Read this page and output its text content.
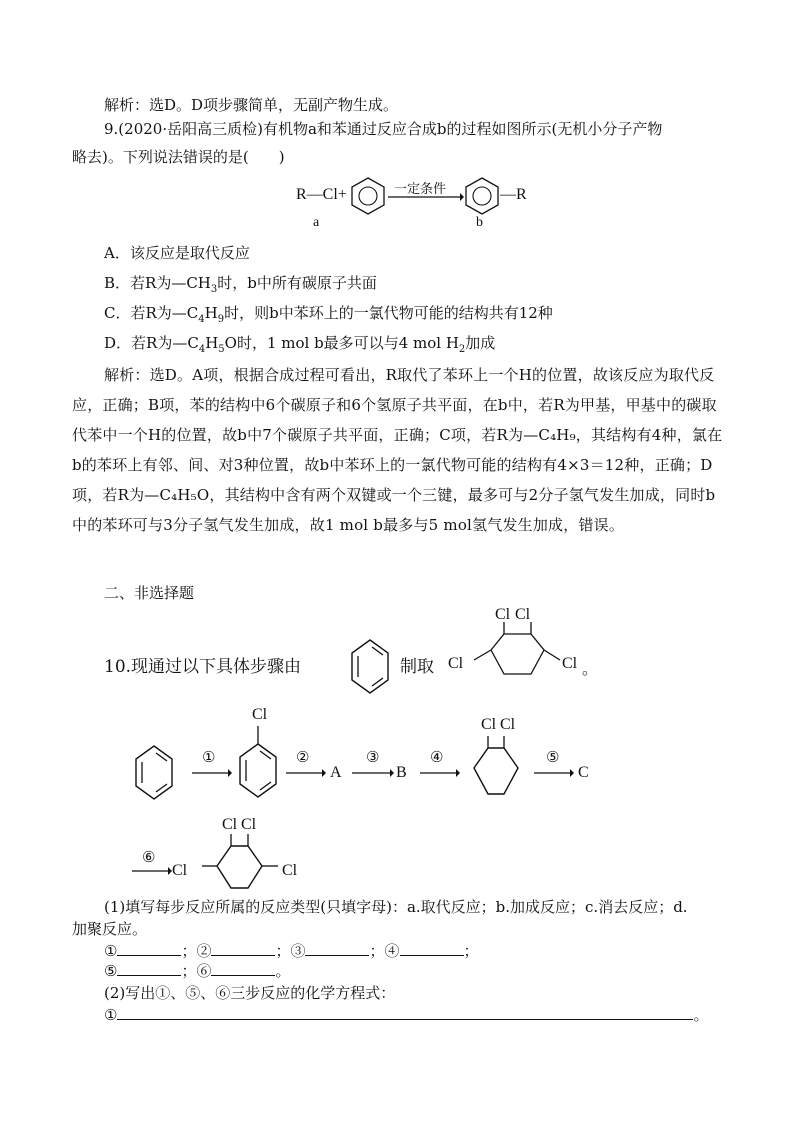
解析：选D。D项步骤简单，无副产物生成。
9.(2020·岳阳高三质检)有机物a和苯通过反应合成b的过程如图所示(无机小分子产物
略去)。下列说法错误的是(　　)
R—Cl+
a
一定条件	—R
b
A．该反应是取代反应
B．若R为$—CH_3$时，b中所有碳原子共面
C．若R为$—C_4H_9$时，则b中苯环上的一氯代物可能的结构共有12种
D．若R为$—C_4H_5O$时，1 mol b最多可以与4 mol $H_2$加成
解析：选D。A项，根据合成过程可看出，R取代了苯环上一个H的位置，故该反应为取代反应，正确；B项，苯的结构中6个碳原子和6个氢原子共平面，在b中，若R为甲基，甲基中的碳取代苯中一个H的位置，故b中7个碳原子共平面，正确；C项，若R为—C₄H₉，其结构有4种，氯在b的苯环上有邻、间、对3种位置，故b中苯环上的一氯代物可能的结构有4×3＝12种，正确；D项，若R为—C₄H₅O，其结构中含有两个双键或一个三键，最多可与2分子氢气发生加成，同时b中的苯环可与3分子氢气发生加成，故1 mol b最多与5 mol氢气发生加成，错误。
二、非选择题
10.现通过以下具体步骤由	制取
Cl Cl
Cl	Cl 。
①
Cl
②
A
③
B
④
Cl Cl
⑤
C
⑥
Cl
Cl Cl
Cl
(1)填写每步反应所属的反应类型(只填字母)：a.取代反应；b.加成反应；c.消去反应；d.
加聚反应。
①	；②	；③	；④	；
⑤	；⑥	。
(2)写出①、⑤、⑥三步反应的化学方程式：
①	。
